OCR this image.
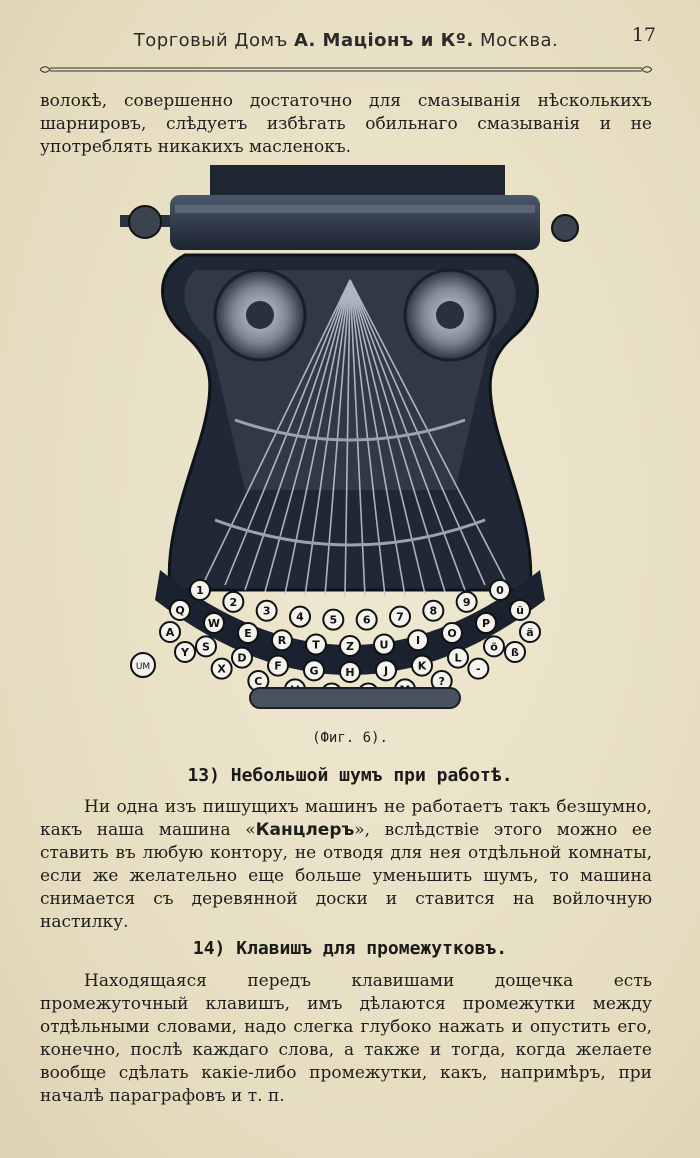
Торговый Домъ А. Маціонъ и Кº. Москва.	17

волокѣ, совершенно достаточно для смазыванія нѣсколькихъ шарнировъ, слѣдуетъ избѣгать обильнаго смазыванія и не употреблять никакихъ масленокъ.

1
2
3 4 5 6 7 8
9
0
Q
W
E
R T Z U I
O
P
ü
A
S
D
F	G H	J	K
L
ö
ä
Y
X
C	?
-
ß
UM
(Фиг. 6).
13) Небольшой шумъ при работѣ.

Ни одна изъ пишущихъ машинъ не работаетъ такъ безшумно, какъ наша машина «Канцлеръ», вслѣдствіе этого можно ее ставить въ любую контору, не отводя для нея отдѣльной комнаты, если же желательно еще больше уменьшить шумъ, то машина снимается съ деревянной доски и ставится на войлочную настилку.

14) Клавишъ для промежутковъ.

Находящаяся передъ клавишами дощечка есть промежуточный клавишъ, имъ дѣлаются промежутки между отдѣльными словами, надо слегка глубоко нажать и опустить его, конечно, послѣ каждаго слова, а также и тогда, когда желаете вообще сдѣлать какіе-либо промежутки, какъ, напримѣръ, при началѣ параграфовъ и т. п.
